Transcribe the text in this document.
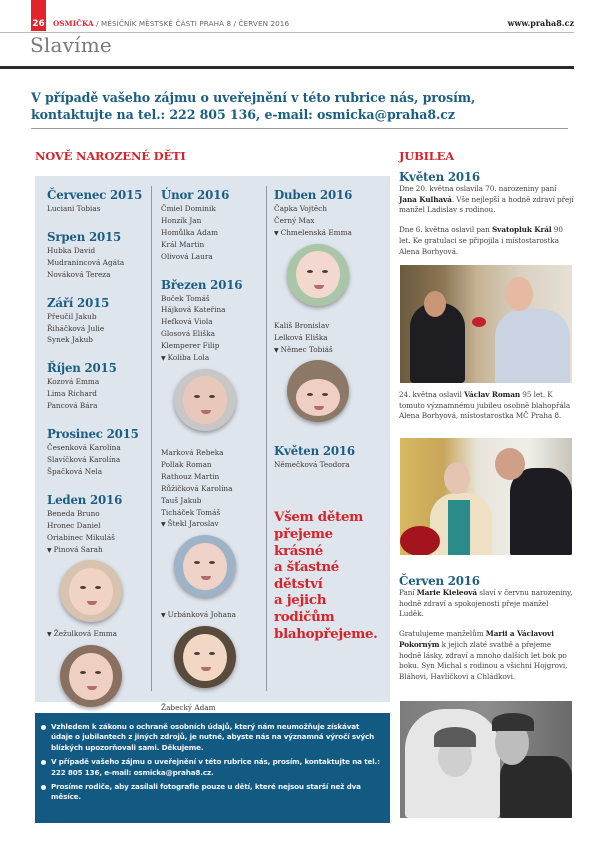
26 OSMIČKA / MĚSÍČNÍK MĚSTSKÉ ČÁSTI PRAHA 8 / ČERVEN 2016	www.praha8.cz
Slavíme
V případě vašeho zájmu o uveřejnění v této rubrice nás, prosím,
kontaktujte na tel.: 222 805 136, e-mail: osmicka@praha8.cz
NOVĚ NAROZENÉ DĚTI	JUBILEA
Červenec 2015
Luciani Tobias
Srpen 2015
Hubka David
Mudranincová Agáta
Nováková Tereza
Září 2015
Přeučil Jakub
Řiháčková Julie
Synek Jakub
Říjen 2015
Kozová Emma
Lima Richard
Pancová Bára
Prosinec 2015
Česenková Karolína
Slavíčková Karolína
Špačková Nela
Leden 2016
Beneda Bruno
Hronec Daniel
Oriabinec Mikuláš
▼ Pinová Sarah
▼ Žežulková Emma
Únor 2016
Čmiel Dominik
Honzík Jan
Homůlka Adam
Král Martin
Olivová Laura
Březen 2016
Boček Tomáš
Hájková Kateřina
Hefková Viola
Glosová Eliška
Klemperer Filip
▼ Koliba Lola
Marková Rebeka
Pollak Roman
Rathouz Martin
Růžičková Karolína
Tauš Jakub
Ticháček Tomáš
▼ Štekl Jaroslav
▼ Urbánková Johana
Žabecký Adam
Duben 2016
Čapka Vojtěch
Černý Max
▼ Chmelenská Emma
Kališ Bronislav
Lelková Eliška
▼ Němec Tobiáš
Květen 2016
Němečková Teodora
Všem dětem
přejeme
krásné
a šťastné
dětství
a jejich
rodičům
blahopřejeme.
Vzhledem k zákonu o ochraně osobních údajů, který nám neumožňuje získávat údaje o jubilantech z jiných zdrojů, je nutné, abyste nás na významná výročí svých blízkých upozorňovali sami. Děkujeme.
V případě vašeho zájmu o uveřejnění v této rubrice nás, prosím, kontaktujte na tel.: 222 805 136, e-mail: osmicka@praha8.cz.
Prosíme rodiče, aby zasílali fotografie pouze u dětí, které nejsou starší než dva měsíce.
Květen 2016

Dne 20. května oslavila 70. narozeniny paní Jana Kulhavá. Vše nejlepší a hodně zdraví přejí manžel Ladislav s rodinou.

Dne 6. května oslavil pan Svatopluk Král 90 let. Ke gratulaci se připojila i místostarostka Alena Borhyová.

24. května oslavil Václav Roman 95 let. K tomuto významnému jubileu osobně blahopřála Alena Borhyová, místostarostka MČ Praha 8.

Červen 2016

Paní Marie Kieleová slaví v červnu narozeniny, hodně zdraví a spokojenosti přeje manžel Luděk.

Gratulujeme manželům Marii a Václavovi Pokorným k jejich zlaté svatbě a přejeme hodně lásky, zdraví a mnoho dalších let bok po boku. Syn Michal s rodinou a všichni Hojgrovi, Bláhovi, Havlíčkovi a Chládkovi.
